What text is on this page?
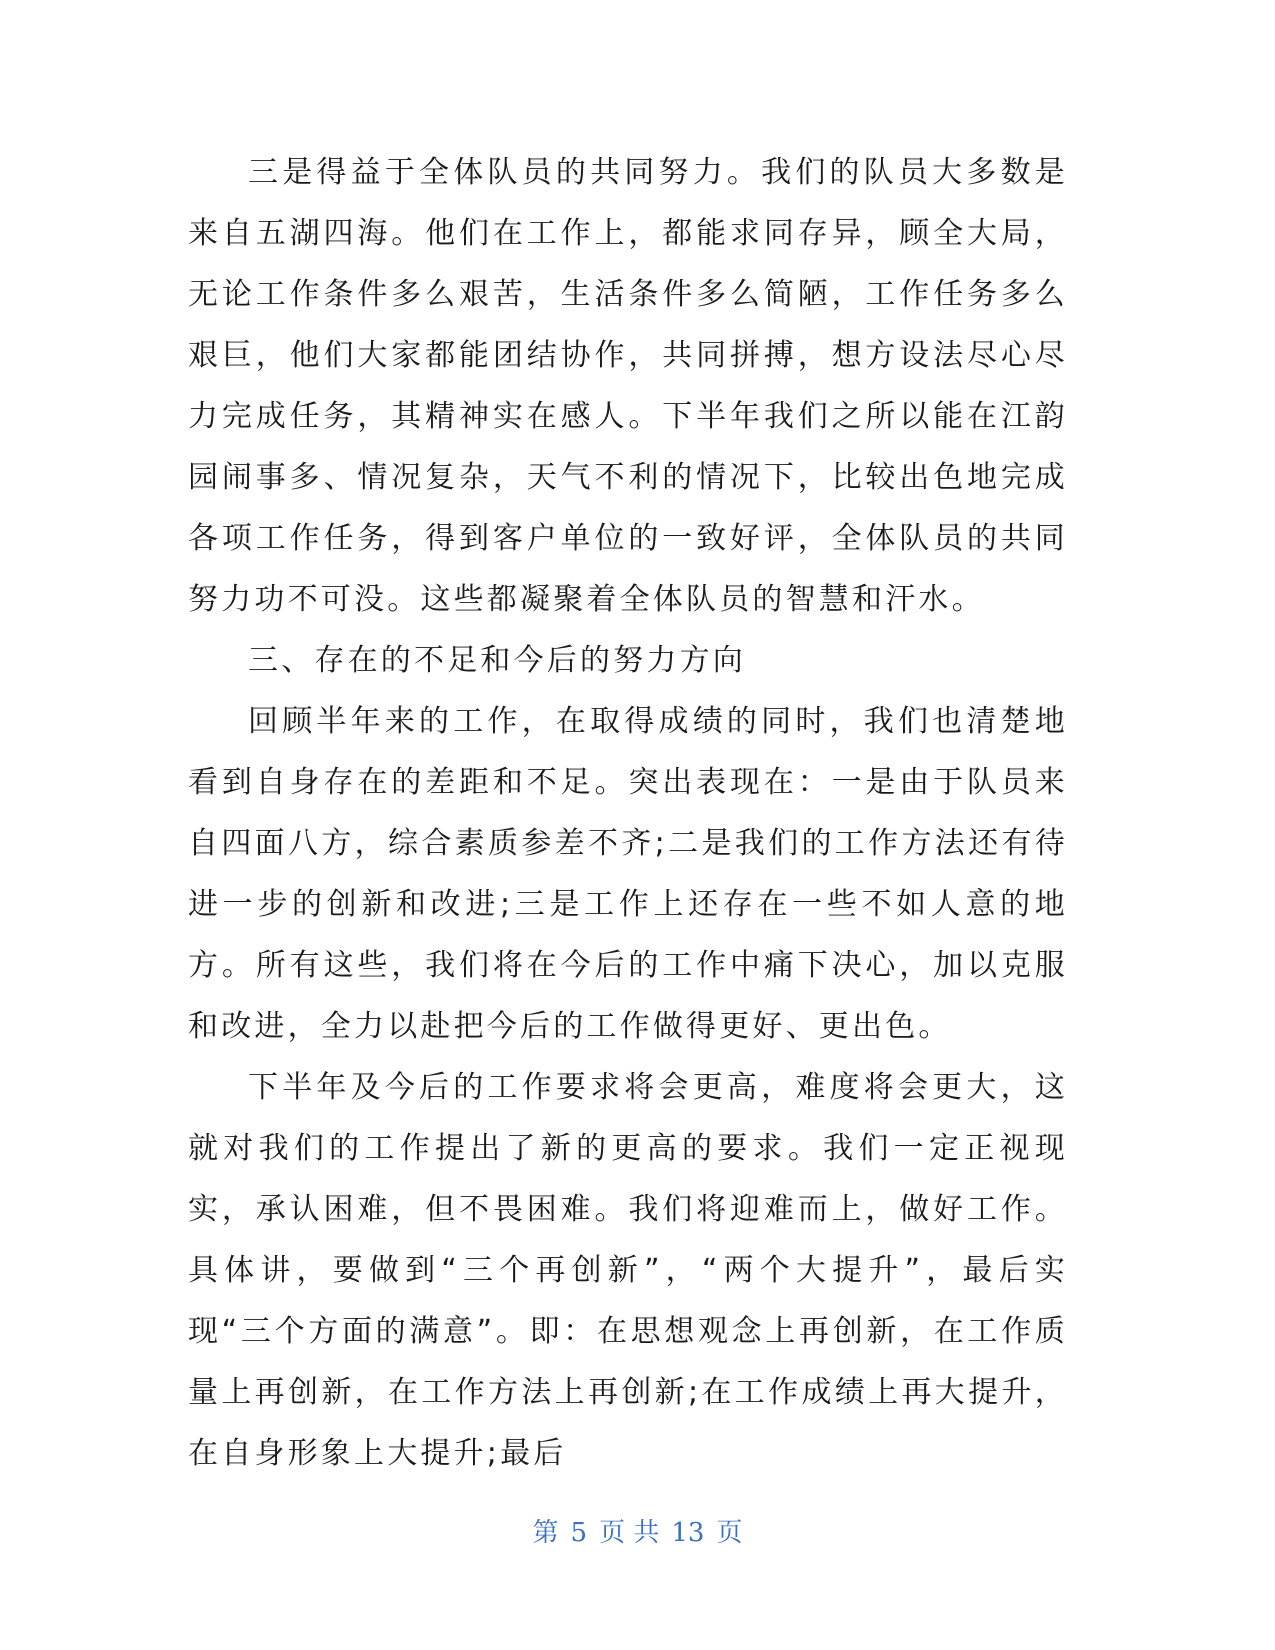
三是得益于全体队员的共同努力。我们的队员大多数是来自五湖四海。他们在工作上，都能求同存异，顾全大局，无论工作条件多么艰苦，生活条件多么简陋，工作任务多么艰巨，他们大家都能团结协作，共同拼搏，想方设法尽心尽力完成任务，其精神实在感人。下半年我们之所以能在江韵园闹事多、情况复杂，天气不利的情况下，比较出色地完成各项工作任务，得到客户单位的一致好评，全体队员的共同努力功不可没。这些都凝聚着全体队员的智慧和汗水。

三、存在的不足和今后的努力方向

回顾半年来的工作，在取得成绩的同时，我们也清楚地看到自身存在的差距和不足。突出表现在：一是由于队员来自四面八方，综合素质参差不齐;二是我们的工作方法还有待进一步的创新和改进;三是工作上还存在一些不如人意的地方。所有这些，我们将在今后的工作中痛下决心，加以克服和改进，全力以赴把今后的工作做得更好、更出色。

下半年及今后的工作要求将会更高，难度将会更大，这就对我们的工作提出了新的更高的要求。我们一定正视现实，承认困难，但不畏困难。我们将迎难而上，做好工作。具体讲，要做到“三个再创新”，“两个大提升”，最后实现“三个方面的满意”。即：在思想观念上再创新，在工作质量上再创新，在工作方法上再创新;在工作成绩上再大提升，在自身形象上大提升;最后

第 5 页 共 13 页
